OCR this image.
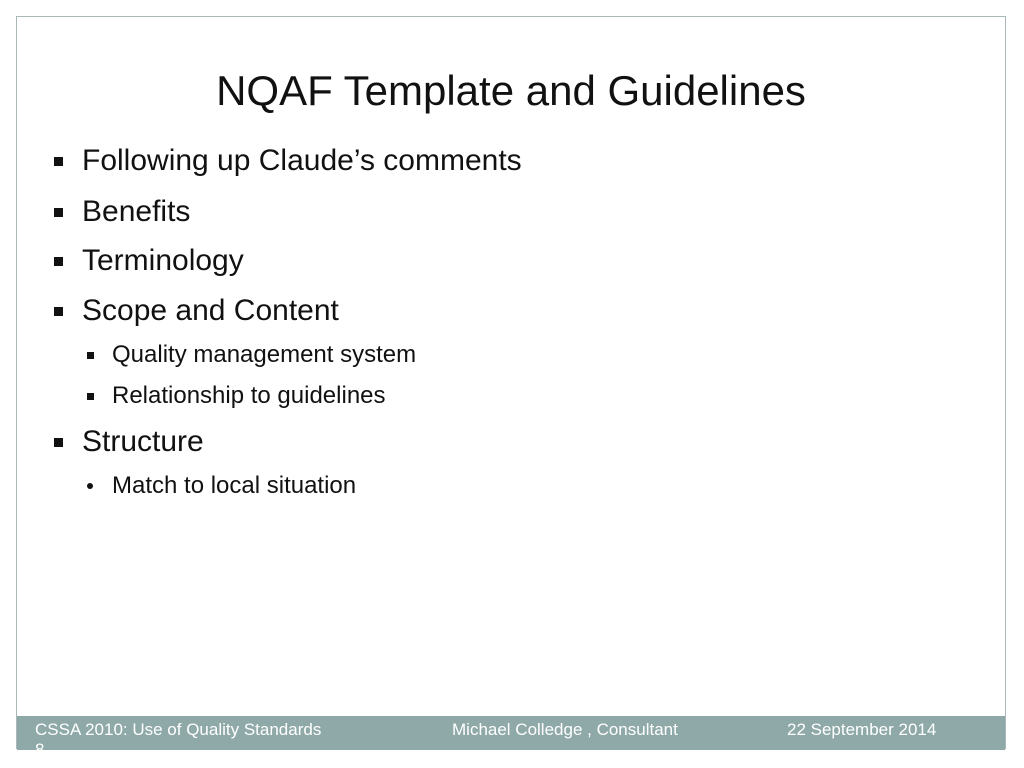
NQAF Template and Guidelines
Following up Claude’s comments
Benefits
Terminology
Scope and Content
Quality management system
Relationship to guidelines
Structure
Match to local situation
CSSA 2010: Use of Quality Standards	Michael Colledge , Consultant	22 September 2014
8
